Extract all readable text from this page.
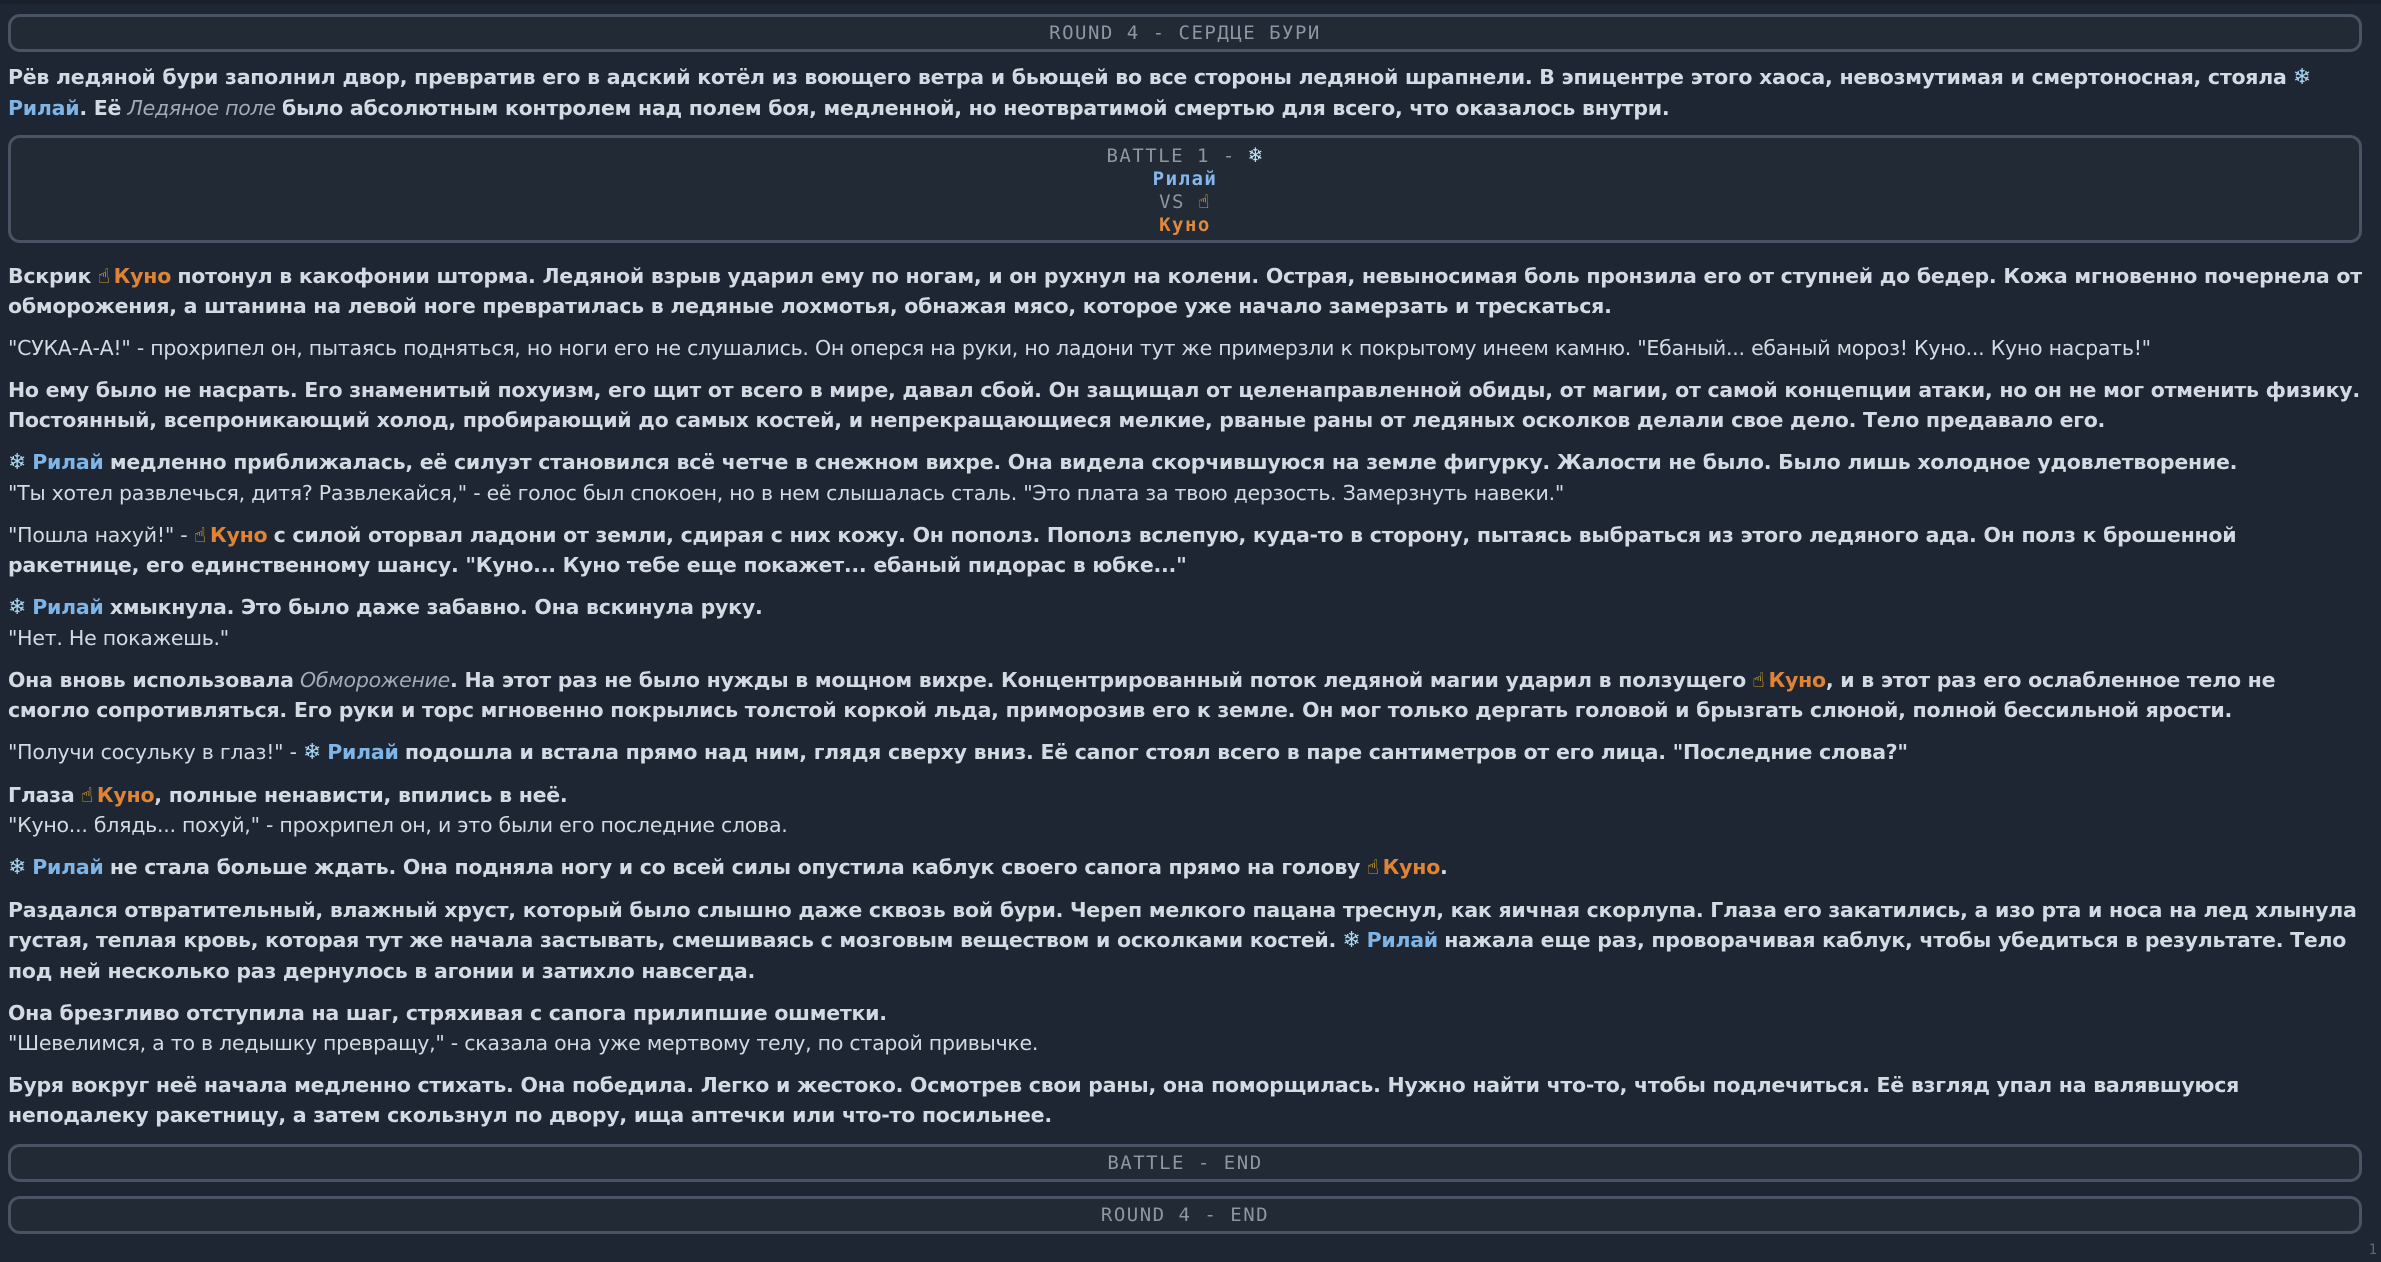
ROUND 4 - СЕРДЦЕ БУРИ

Рёв ледяной бури заполнил двор, превратив его в адский котёл из воющего ветра и бьющей во все стороны ледяной шрапнели. В эпицентре этого хаоса, невозмутимая и смертоносная, стояла ❄Рилай. Её Ледяное поле было абсолютным контролем над полем боя, медленной, но неотвратимой смертью для всего, что оказалось внутри.

BATTLE 1 - ❄
Рилай
VS ☝
Куно

Вскрик ☝ Куно потонул в какофонии шторма. Ледяной взрыв ударил ему по ногам, и он рухнул на колени. Острая, невыносимая боль пронзила его от ступней до бедер. Кожа мгновенно почернела от обморожения, а штанина на левой ноге превратилась в ледяные лохмотья, обнажая мясо, которое уже начало замерзать и трескаться.

"СУКА-А-А!" - прохрипел он, пытаясь подняться, но ноги его не слушались. Он оперся на руки, но ладони тут же примерзли к покрытому инеем камню. "Ебаный... ебаный мороз! Куно... Куно насрать!"

Но ему было не насрать. Его знаменитый похуизм, его щит от всего в мире, давал сбой. Он защищал от целенаправленной обиды, от магии, от самой концепции атаки, но он не мог отменить физику. Постоянный, всепроникающий холод, пробирающий до самых костей, и непрекращающиеся мелкие, рваные раны от ледяных осколков делали свое дело. Тело предавало его.

❄ Рилай медленно приближалась, её силуэт становился всё четче в снежном вихре. Она видела скорчившуюся на земле фигурку. Жалости не было. Было лишь холодное удовлетворение.
"Ты хотел развлечься, дитя? Развлекайся," - её голос был спокоен, но в нем слышалась сталь. "Это плата за твою дерзость. Замерзнуть навеки."

"Пошла нахуй!" - ☝ Куно с силой оторвал ладони от земли, сдирая с них кожу. Он пополз. Пополз вслепую, куда-то в сторону, пытаясь выбраться из этого ледяного ада. Он полз к брошенной ракетнице, его единственному шансу. "Куно... Куно тебе еще покажет... ебаный пидорас в юбке..."

❄ Рилай хмыкнула. Это было даже забавно. Она вскинула руку.
"Нет. Не покажешь."

Она вновь использовала Обморожение. На этот раз не было нужды в мощном вихре. Концентрированный поток ледяной магии ударил в ползущего ☝ Куно, и в этот раз его ослабленное тело не смогло сопротивляться. Его руки и торс мгновенно покрылись толстой коркой льда, приморозив его к земле. Он мог только дергать головой и брызгать слюной, полной бессильной ярости.

"Получи сосульку в глаз!" - ❄ Рилай подошла и встала прямо над ним, глядя сверху вниз. Её сапог стоял всего в паре сантиметров от его лица. "Последние слова?"

Глаза ☝ Куно, полные ненависти, впились в неё.
"Куно... блядь... похуй," - прохрипел он, и это были его последние слова.

❄ Рилай не стала больше ждать. Она подняла ногу и со всей силы опустила каблук своего сапога прямо на голову ☝ Куно.

Раздался отвратительный, влажный хруст, который было слышно даже сквозь вой бури. Череп мелкого пацана треснул, как яичная скорлупа. Глаза его закатились, а изо рта и носа на лед хлынула густая, теплая кровь, которая тут же начала застывать, смешиваясь с мозговым веществом и осколками костей. ❄ Рилай нажала еще раз, проворачивая каблук, чтобы убедиться в результате. Тело под ней несколько раз дернулось в агонии и затихло навсегда.

Она брезгливо отступила на шаг, стряхивая с сапога прилипшие ошметки.
"Шевелимся, а то в ледышку превращу," - сказала она уже мертвому телу, по старой привычке.

Буря вокруг неё начала медленно стихать. Она победила. Легко и жестоко. Осмотрев свои раны, она поморщилась. Нужно найти что-то, чтобы подлечиться. Её взгляд упал на валявшуюся неподалеку ракетницу, а затем скользнул по двору, ища аптечки или что-то посильнее.

BATTLE - END
ROUND 4 - END
1
